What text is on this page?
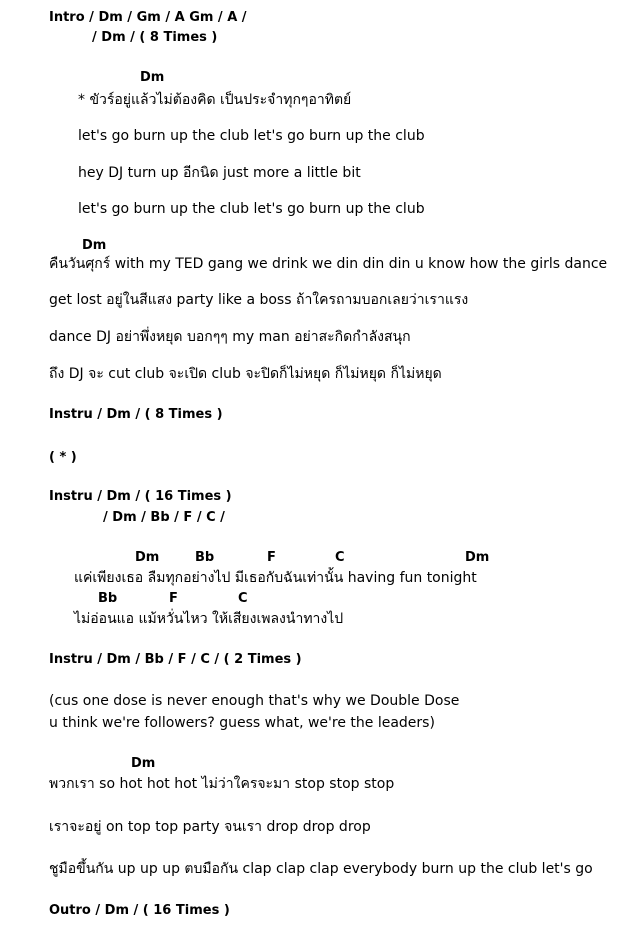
Intro / Dm / Gm / A Gm / A /
/ Dm / ( 8 Times )
Dm
* ขัวร์อยู่แล้วไม่ต้องคิด เป็นประจำทุกๆอาทิตย์
let's go burn up the club let's go burn up the club
hey DJ turn up อีกนิด just more a little bit
let's go burn up the club let's go burn up the club
Dm
คืนวันศุกร์ with my TED gang we drink we din din din u know how the girls dance
get lost อยู่ในสีแสง party like a boss ถ้าใครถามบอกเลยว่าเราแรง
dance DJ อย่าพึ่งหยุด บอกๆๆ my man อย่าสะกิดกำลังสนุก
ถึง DJ จะ cut club จะเปิด club จะปิดก็ไม่หยุด ก็ไม่หยุด ก็ไม่หยุด
Instru / Dm / ( 8 Times )
( * )
Instru / Dm / ( 16 Times )
/ Dm / Bb / F / C /
Dm	Bb	F	C	Dm
แค่เพียงเธอ ลืมทุกอย่างไป มีเธอกับฉันเท่านั้น having fun tonight
Bb	F	C
ไม่อ่อนแอ แม้หวั่นไหว ให้เสียงเพลงนำทางไป
Instru / Dm / Bb / F / C / ( 2 Times )
(cus one dose is never enough that's why we Double Dose
u think we're followers? guess what, we're the leaders)
Dm
พวกเรา so hot hot hot ไม่ว่าใครจะมา stop stop stop
เราจะอยู่ on top top party จนเรา drop drop drop
ชูมือขึ้นกัน up up up ตบมือกัน clap clap clap everybody burn up the club let's go
Outro / Dm / ( 16 Times )
